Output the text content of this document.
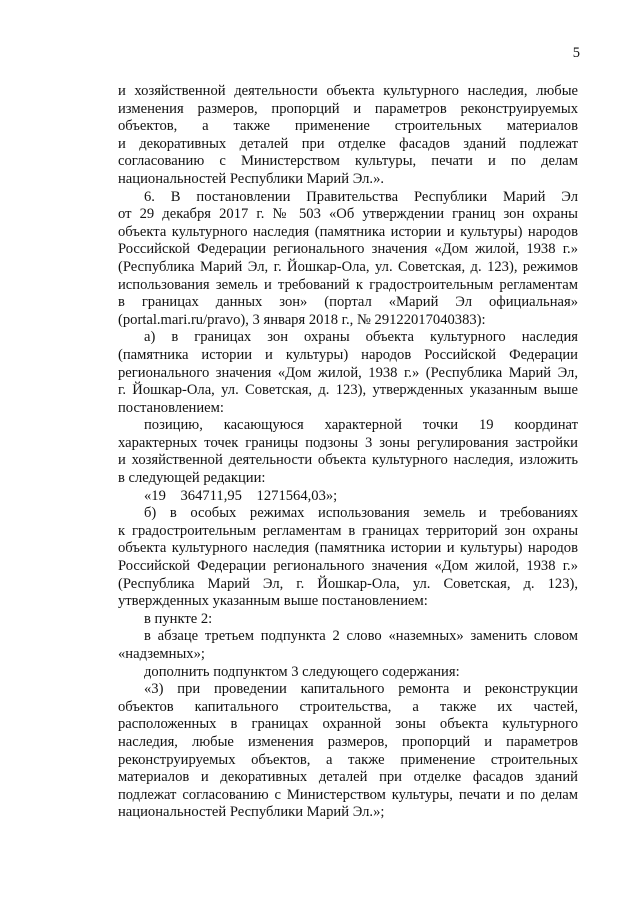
5

и хозяйственной деятельности объекта культурного наследия, любые

изменения размеров, пропорций и параметров реконструируемых

объектов, а также применение строительных материалов

и декоративных деталей при отделке фасадов зданий подлежат

согласованию с Министерством культуры, печати и по делам

национальностей Республики Марий Эл.».

6. В постановлении Правительства Республики Марий Эл

от 29 декабря 2017 г. № 503 «Об утверждении границ зон охраны

объекта культурного наследия (памятника истории и культуры) народов

Российской Федерации регионального значения «Дом жилой, 1938 г.»

(Республика Марий Эл, г. Йошкар-Ола, ул. Советская, д. 123), режимов

использования земель и требований к градостроительным регламентам

в границах данных зон» (портал «Марий Эл официальная»

(portal.mari.ru/pravo), 3 января 2018 г., № 29122017040383):

а) в границах зон охраны объекта культурного наследия

(памятника истории и культуры) народов Российской Федерации

регионального значения «Дом жилой, 1938 г.» (Республика Марий Эл,

г. Йошкар-Ола, ул. Советская, д. 123), утвержденных указанным выше

постановлением:

позицию, касающуюся характерной точки 19 координат

характерных точек границы подзоны 3 зоны регулирования застройки

и хозяйственной деятельности объекта культурного наследия, изложить

в следующей редакции:

«19    364711,95    1271564,03»;

б) в особых режимах использования земель и требованиях

к градостроительным регламентам в границах территорий зон охраны

объекта культурного наследия (памятника истории и культуры) народов

Российской Федерации регионального значения «Дом жилой, 1938 г.»

(Республика Марий Эл, г. Йошкар-Ола, ул. Советская, д. 123),

утвержденных указанным выше постановлением:

в пункте 2:

в абзаце третьем подпункта 2 слово «наземных» заменить словом

«надземных»;

дополнить подпунктом 3 следующего содержания:

«3) при проведении капитального ремонта и реконструкции

объектов капитального строительства, а также их частей,

расположенных в границах охранной зоны объекта культурного

наследия, любые изменения размеров, пропорций и параметров

реконструируемых объектов, а также применение строительных

материалов и декоративных деталей при отделке фасадов зданий

подлежат согласованию с Министерством культуры, печати и по делам

национальностей Республики Марий Эл.»;
